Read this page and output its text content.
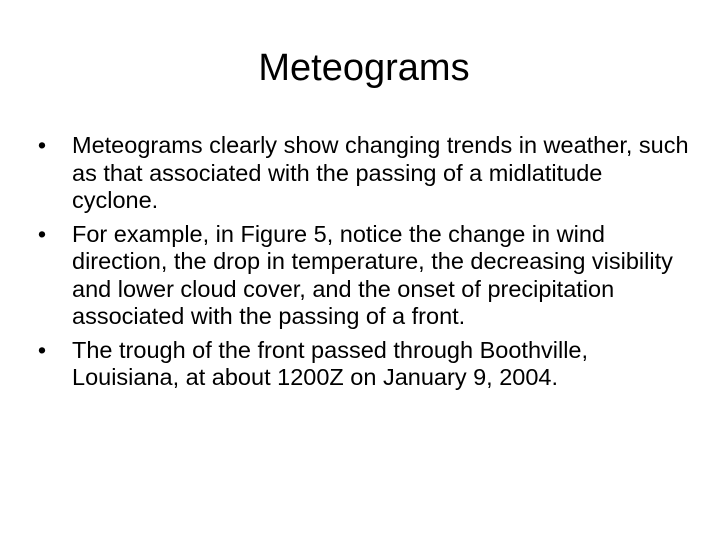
Meteograms
• Meteograms clearly show changing trends in weather, such as that associated with the passing of a midlatitude cyclone.
• For example, in Figure 5, notice the change in wind direction, the drop in temperature, the decreasing visibility and lower cloud cover, and the onset of precipitation associated with the passing of a front.
• The trough of the front passed through Boothville, Louisiana, at about 1200Z on January 9, 2004.
